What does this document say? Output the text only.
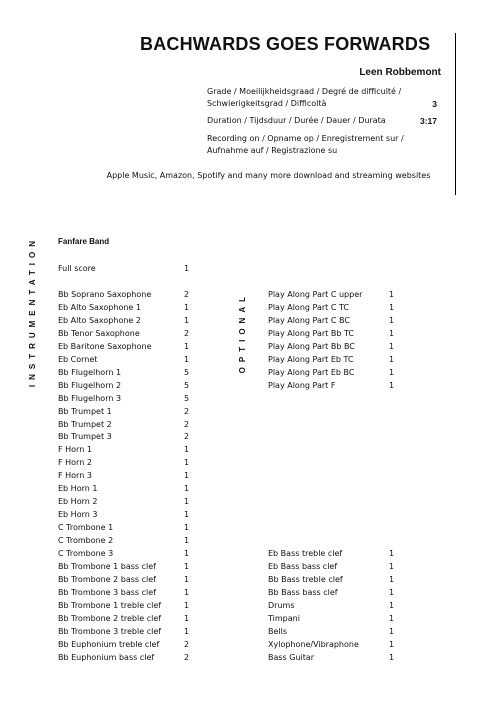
BACHWARDS GOES FORWARDS
Leen Robbemont
Grade / Moeilijkheidsgraad / Degré de difficulté /
Schwierigkeitsgrad / Difficoltà	3
Duration / Tijdsduur / Durée / Dauer / Durata	3:17
Recording on / Opname op / Enregistrement sur /
Aufnahme auf / Registrazione su
Apple Music, Amazon, Spotify and many more download and streaming websites
INSTRUMENTATION	Fanfare Band
Full score	1
Bb Soprano Saxophone	2
Eb Alto Saxophone 1	1
Eb Alto Saxophone 2	1
Bb Tenor Saxophone	2
Eb Baritone Saxophone	1
Eb Cornet	1
Bb Flugelhorn 1	5
Bb Flugelhorn 2	5
Bb Flugelhorn 3	5
Bb Trumpet 1	2
Bb Trumpet 2	2
Bb Trumpet 3	2
F Horn 1	1
F Horn 2	1
F Horn 3	1
Eb Horn 1	1
Eb Horn 2	1
Eb Horn 3	1
C Trombone 1	1
C Trombone 2	1
C Trombone 3	1
Bb Trombone 1 bass clef	1
Bb Trombone 2 bass clef	1
Bb Trombone 3 bass clef	1
Bb Trombone 1 treble clef	1
Bb Trombone 2 treble clef	1
Bb Trombone 3 treble clef	1
Bb Euphonium treble clef	2
Bb Euphonium bass clef	2
OPTIONAL	Play Along Part C upper	1
Play Along Part C TC	1
Play Along Part C BC	1
Play Along Part Bb TC	1
Play Along Part Bb BC	1
Play Along Part Eb TC	1
Play Along Part Eb BC	1
Play Along Part F	1
Eb Bass treble clef	1
Eb Bass bass clef	1
Bb Bass treble clef	1
Bb Bass bass clef	1
Drums	1
Timpani	1
Bells	1
Xylophone/Vibraphone	1
Bass Guitar	1
